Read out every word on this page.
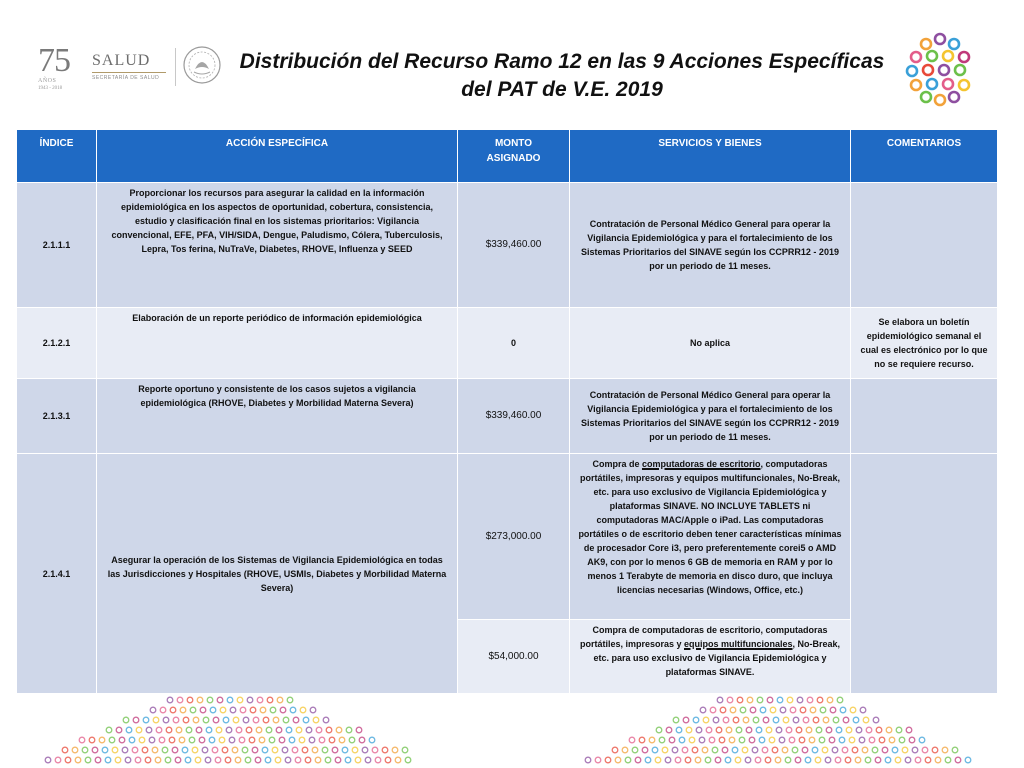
75
AÑOS
1943 - 2018
SALUD
SECRETARÍA DE SALUD
Distribución del Recurso Ramo 12 en las 9 Acciones Específicas del PAT de V.E. 2019
ÍNDICE	ACCIÓN ESPECÍFICA	MONTO ASIGNADO	SERVICIOS Y BIENES	COMENTARIOS
2.1.1.1	Proporcionar los recursos para asegurar la calidad en la información epidemiológica en los aspectos de oportunidad, cobertura, consistencia, estudio y clasificación final en los sistemas prioritarios: Vigilancia convencional, EFE, PFA, VIH/SIDA, Dengue, Paludismo, Cólera, Tuberculosis, Lepra, Tos ferina, NuTraVe, Diabetes, RHOVE, Influenza y SEED	$339,460.00	Contratación de Personal Médico General para operar la Vigilancia Epidemiológica y para el fortalecimiento de los Sistemas Prioritarios del SINAVE según los CCPRR12 - 2019 por un periodo de 11 meses.	
2.1.2.1	Elaboración de un reporte periódico de información epidemiológica	0	No aplica	Se elabora un boletín epidemiológico semanal el cual es electrónico por lo que no se requiere recurso.
2.1.3.1	Reporte oportuno y consistente de los casos sujetos a vigilancia epidemiológica (RHOVE, Diabetes y Morbilidad Materna Severa)	$339,460.00	Contratación de Personal Médico General para operar la Vigilancia Epidemiológica y para el fortalecimiento de los Sistemas Prioritarios del SINAVE según los CCPRR12 - 2019 por un periodo de 11 meses.	
2.1.4.1	Asegurar la operación de los Sistemas de Vigilancia Epidemiológica en todas las Jurisdicciones y Hospitales (RHOVE, USMIs, Diabetes y Morbilidad Materna Severa)	$273,000.00	Compra de computadoras de escritorio, computadoras portátiles, impresoras y equipos multifuncionales, No-Break, etc. para uso exclusivo de Vigilancia Epidemiológica y plataformas SINAVE. NO INCLUYE TABLETS ni computadoras MAC/Apple o iPad. Las computadoras portátiles o de escritorio deben tener características mínimas de procesador Core i3, pero preferentemente corei5 o AMD AK9, con por lo menos 6 GB de memoria en RAM y por lo menos 1 Terabyte de memoria en disco duro, que incluya licencias necesarias (Windows, Office, etc.)	
		$54,000.00	Compra de computadoras de escritorio, computadoras portátiles, impresoras y equipos multifuncionales, No-Break, etc. para uso exclusivo de Vigilancia Epidemiológica y plataformas SINAVE.	
